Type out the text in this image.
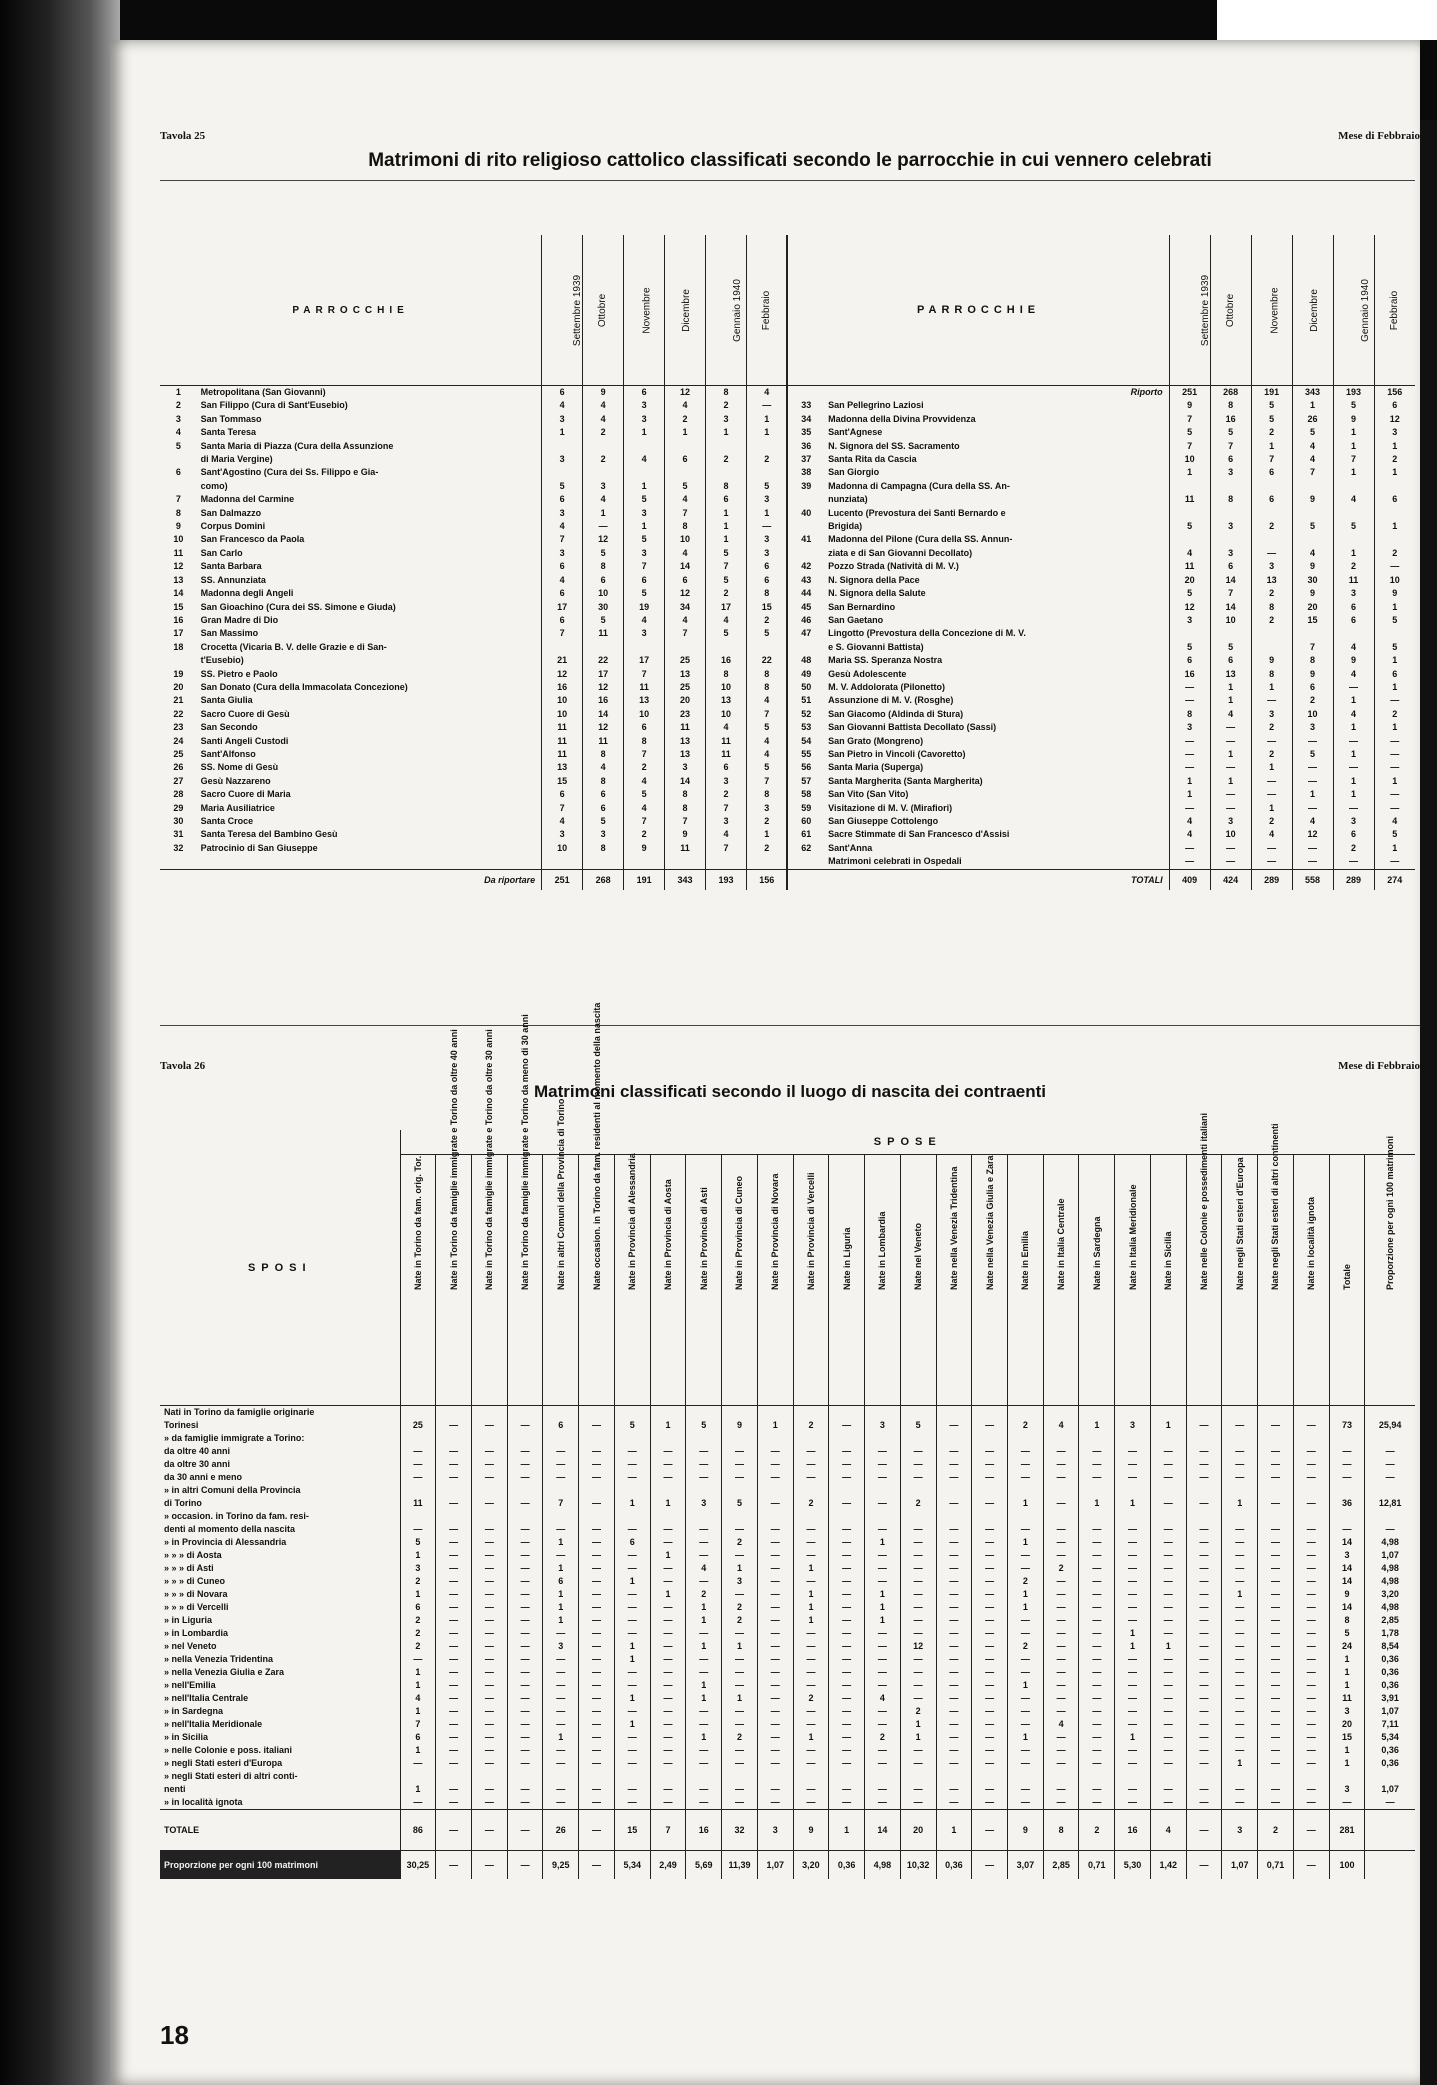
Tavola 25	Mese di Febbraio
Matrimoni di rito religioso cattolico classificati secondo le parrocchie in cui vennero celebrati
PARROCCHIE		Settembre 1939	Ottobre	Novembre	Dicembre	Gennaio 1940	Febbraio	PARROCCHIE		Settembre 1939	Ottobre	Novembre	Dicembre	Gennaio 1940	Febbraio
1	Metropolitana (San Giovanni)	6	9	6	12	8	4		Riporto	251	268	191	343	193	156
2	San Filippo (Cura di Sant'Eusebio)	4	4	3	4	2	—	33	San Pellegrino Laziosi	9	8	5	1	5	6
3	San Tommaso	3	4	3	2	3	1	34	Madonna della Divina Provvidenza	7	16	5	26	9	12
4	Santa Teresa	1	2	1	1	1	1	35	Sant'Agnese	5	5	2	5	1	3
5	Santa Maria di Piazza (Cura della Assunzione							36	N. Signora del SS. Sacramento	7	7	1	4	1	1
	di Maria Vergine)	3	2	4	6	2	2	37	Santa Rita da Cascia	10	6	7	4	7	2
6	Sant'Agostino (Cura dei Ss. Filippo e Gia-							38	San Giorgio	1	3	6	7	1	1
	como)	5	3	1	5	8	5	39	Madonna di Campagna (Cura della SS. An-						
7	Madonna del Carmine	6	4	5	4	6	3		nunziata)	11	8	6	9	4	6
8	San Dalmazzo	3	1	3	7	1	1	40	Lucento (Prevostura dei Santi Bernardo e						
9	Corpus Domini	4	—	1	8	1	—		Brigida)	5	3	2	5	5	1
10	San Francesco da Paola	7	12	5	10	1	3	41	Madonna del Pilone (Cura della SS. Annun-						
11	San Carlo	3	5	3	4	5	3		ziata e di San Giovanni Decollato)	4	3	—	4	1	2
12	Santa Barbara	6	8	7	14	7	6	42	Pozzo Strada (Natività di M. V.)	11	6	3	9	2	—
13	SS. Annunziata	4	6	6	6	5	6	43	N. Signora della Pace	20	14	13	30	11	10
14	Madonna degli Angeli	6	10	5	12	2	8	44	N. Signora della Salute	5	7	2	9	3	9
15	San Gioachino (Cura dei SS. Simone e Giuda)	17	30	19	34	17	15	45	San Bernardino	12	14	8	20	6	1
16	Gran Madre di Dio	6	5	4	4	4	2	46	San Gaetano	3	10	2	15	6	5
17	San Massimo	7	11	3	7	5	5	47	Lingotto (Prevostura della Concezione di M. V.						
18	Crocetta (Vicaria B. V. delle Grazie e di San-								e S. Giovanni Battista)	5	5		7	4	5
	t'Eusebio)	21	22	17	25	16	22	48	Maria SS. Speranza Nostra	6	6	9	8	9	1
19	SS. Pietro e Paolo	12	17	7	13	8	8	49	Gesù Adolescente	16	13	8	9	4	6
20	San Donato (Cura della Immacolata Concezione)	16	12	11	25	10	8	50	M. V. Addolorata (Pilonetto)	—	1	1	6	—	1
21	Santa Giulia	10	16	13	20	13	4	51	Assunzione di M. V. (Rosghe)	—	1	—	2	1	—
22	Sacro Cuore di Gesù	10	14	10	23	10	7	52	San Giacomo (Aldinda di Stura)	8	4	3	10	4	2
23	San Secondo	11	12	6	11	4	5	53	San Giovanni Battista Decollato (Sassi)	3	—	2	3	1	1
24	Santi Angeli Custodi	11	11	8	13	11	4	54	San Grato (Mongreno)	—	—	—	—	—	—
25	Sant'Alfonso	11	8	7	13	11	4	55	San Pietro in Vincoli (Cavoretto)	—	1	2	5	1	—
26	SS. Nome di Gesù	13	4	2	3	6	5	56	Santa Maria (Superga)	—	—	1	—	—	—
27	Gesù Nazzareno	15	8	4	14	3	7	57	Santa Margherita (Santa Margherita)	1	1	—	—	1	1
28	Sacro Cuore di Maria	6	6	5	8	2	8	58	San Vito (San Vito)	1	—	—	1	1	—
29	Maria Ausiliatrice	7	6	4	8	7	3	59	Visitazione di M. V. (Mirafiori)	—	—	1	—	—	—
30	Santa Croce	4	5	7	7	3	2	60	San Giuseppe Cottolengo	4	3	2	4	3	4
31	Santa Teresa del Bambino Gesù	3	3	2	9	4	1	61	Sacre Stimmate di San Francesco d'Assisi	4	10	4	12	6	5
32	Patrocinio di San Giuseppe	10	8	9	11	7	2	62	Sant'Anna	—	—	—	—	2	1
									Matrimoni celebrati in Ospedali	—	—	—	—	—	—
Da riportare		251	268	191	343	193	156	TOTALI		409	424	289	558	289	274
Tavola 26	Mese di Febbraio
Matrimoni classificati secondo il luogo di nascita dei contraenti
SPOSI	SPOSE																											
	Nate in Torino da fam. orig. Tor.	Nate in Torino da famiglie immigrate e Torino da oltre 40 anni	Nate in Torino da famiglie immigrate e Torino da oltre 30 anni	Nate in Torino da famiglie immigrate e Torino da meno di 30 anni	Nate in altri Comuni della Provincia di Torino	Nate occasion. in Torino da fam. residenti al momento della nascita	Nate in Provincia di Alessandria	Nate in Provincia di Aosta	Nate in Provincia di Asti	Nate in Provincia di Cuneo	Nate in Provincia di Novara	Nate in Provincia di Vercelli	Nate in Liguria	Nate in Lombardia	Nate nel Veneto	Nate nella Venezia Tridentina	Nate nella Venezia Giulia e Zara	Nate in Emilia	Nate in Italia Centrale	Nate in Sardegna	Nate in Italia Meridionale	Nate in Sicilia	Nate nelle Colonie e possedimenti italiani	Nate negli Stati esteri d'Europa	Nate negli Stati esteri di altri continenti	Nate in località ignota	Totale	Proporzione per ogni 100 matrimoni
Nati in Torino da famiglie originarie																												
Torinesi	25	—	—	—	6	—	5	1	5	9	1	2	—	3	5	—	—	2	4	1	3	1	—	—	—	—	73	25,94
» da famiglie immigrate a Torino:																												
da oltre 40 anni	—	—	—	—	—	—	—	—	—	—	—	—	—	—	—	—	—	—	—	—	—	—	—	—	—	—	—	—
da oltre 30 anni	—	—	—	—	—	—	—	—	—	—	—	—	—	—	—	—	—	—	—	—	—	—	—	—	—	—	—	—
da 30 anni e meno	—	—	—	—	—	—	—	—	—	—	—	—	—	—	—	—	—	—	—	—	—	—	—	—	—	—	—	—
» in altri Comuni della Provincia																												
di Torino	11	—	—	—	7	—	1	1	3	5	—	2	—	—	2	—	—	1	—	1	1	—	—	1	—	—	36	12,81
» occasion. in Torino da fam. resi-																												
denti al momento della nascita	—	—	—	—	—	—	—	—	—	—	—	—	—	—	—	—	—	—	—	—	—	—	—	—	—	—	—	—
» in Provincia di Alessandria	5	—	—	—	1	—	6	—	—	2	—	—	—	1	—	—	—	1	—	—	—	—	—	—	—	—	14	4,98
» » » di Aosta	1	—	—	—	—	—	—	1	—	—	—	—	—	—	—	—	—	—	—	—	—	—	—	—	—	—	3	1,07
» » » di Asti	3	—	—	—	1	—	—	—	4	1	—	1	—	—	—	—	—	—	2	—	—	—	—	—	—	—	14	4,98
» » » di Cuneo	2	—	—	—	6	—	1	—	—	3	—	—	—	—	—	—	—	2	—	—	—	—	—	—	—	—	14	4,98
» » » di Novara	1	—	—	—	1	—	—	1	2	—	—	1	—	1	—	—	—	1	—	—	—	—	—	1	—	—	9	3,20
» » » di Vercelli	6	—	—	—	1	—	—	—	1	2	—	1	—	1	—	—	—	1	—	—	—	—	—	—	—	—	14	4,98
» in Liguria	2	—	—	—	1	—	—	—	1	2	—	1	—	1	—	—	—	—	—	—	—	—	—	—	—	—	8	2,85
» in Lombardia	2	—	—	—	—	—	—	—	—	—	—	—	—	—	—	—	—	—	—	—	1	—	—	—	—	—	5	1,78
» nel Veneto	2	—	—	—	3	—	1	—	1	1	—	—	—	—	12	—	—	2	—	—	1	1	—	—	—	—	24	8,54
» nella Venezia Tridentina	—	—	—	—	—	—	1	—	—	—	—	—	—	—	—	—	—	—	—	—	—	—	—	—	—	—	1	0,36
» nella Venezia Giulia e Zara	1	—	—	—	—	—	—	—	—	—	—	—	—	—	—	—	—	—	—	—	—	—	—	—	—	—	1	0,36
» nell'Emilia	1	—	—	—	—	—	—	—	1	—	—	—	—	—	—	—	—	1	—	—	—	—	—	—	—	—	1	0,36
» nell'Italia Centrale	4	—	—	—	—	—	1	—	1	1	—	2	—	4	—	—	—	—	—	—	—	—	—	—	—	—	11	3,91
» in Sardegna	1	—	—	—	—	—	—	—	—	—	—	—	—	—	2	—	—	—	—	—	—	—	—	—	—	—	3	1,07
» nell'Italia Meridionale	7	—	—	—	—	—	1	—	—	—	—	—	—	—	1	—	—	—	4	—	—	—	—	—	—	—	20	7,11
» in Sicilia	6	—	—	—	1	—	—	—	1	2	—	1	—	2	1	—	—	1	—	—	1	—	—	—	—	—	15	5,34
» nelle Colonie e poss. italiani	1	—	—	—	—	—	—	—	—	—	—	—	—	—	—	—	—	—	—	—	—	—	—	—	—	—	1	0,36
» negli Stati esteri d'Europa	—	—	—	—	—	—	—	—	—	—	—	—	—	—	—	—	—	—	—	—	—	—	—	1	—	—	1	0,36
» negli Stati esteri di altri conti-																												
nenti	1	—	—	—	—	—	—	—	—	—	—	—	—	—	—	—	—	—	—	—	—	—	—	—	—	—	3	1,07
» in località ignota	—	—	—	—	—	—	—	—	—	—	—	—	—	—	—	—	—	—	—	—	—	—	—	—	—	—	—	—
TOTALE	86	—	—	—	26	—	15	7	16	32	3	9	1	14	20	1	—	9	8	2	16	4	—	3	2	—	281	
Proporzione per ogni 100 matrimoni	30,25	—	—	—	9,25	—	5,34	2,49	5,69	11,39	1,07	3,20	0,36	4,98	10,32	0,36	—	3,07	2,85	0,71	5,30	1,42	—	1,07	0,71	—	100	
18
